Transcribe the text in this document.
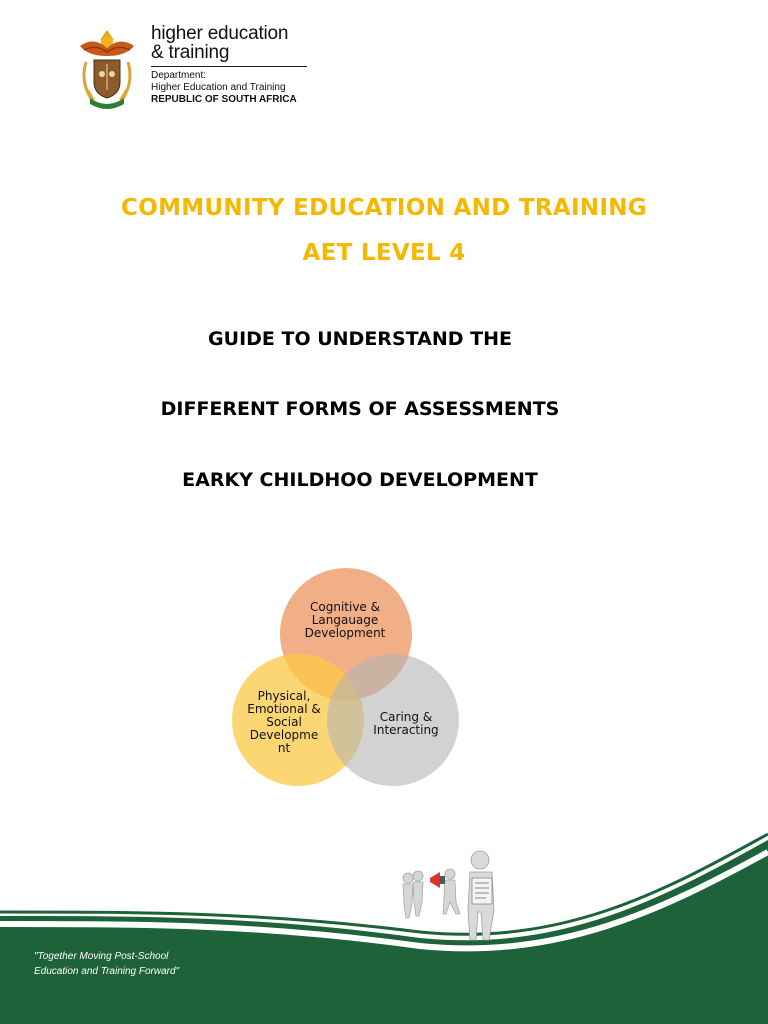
higher education
& training
Department:
Higher Education and Training
REPUBLIC OF SOUTH AFRICA
COMMUNITY EDUCATION AND TRAINING
AET LEVEL 4
GUIDE TO UNDERSTAND THE
DIFFERENT FORMS OF ASSESSMENTS
EARKY CHILDHOO DEVELOPMENT
Cognitive &
Langauage
Development
Physical,
Emotional &
Social
Developme
nt
Caring &
Interacting
"Together Moving Post-School
Education and Training Forward"
